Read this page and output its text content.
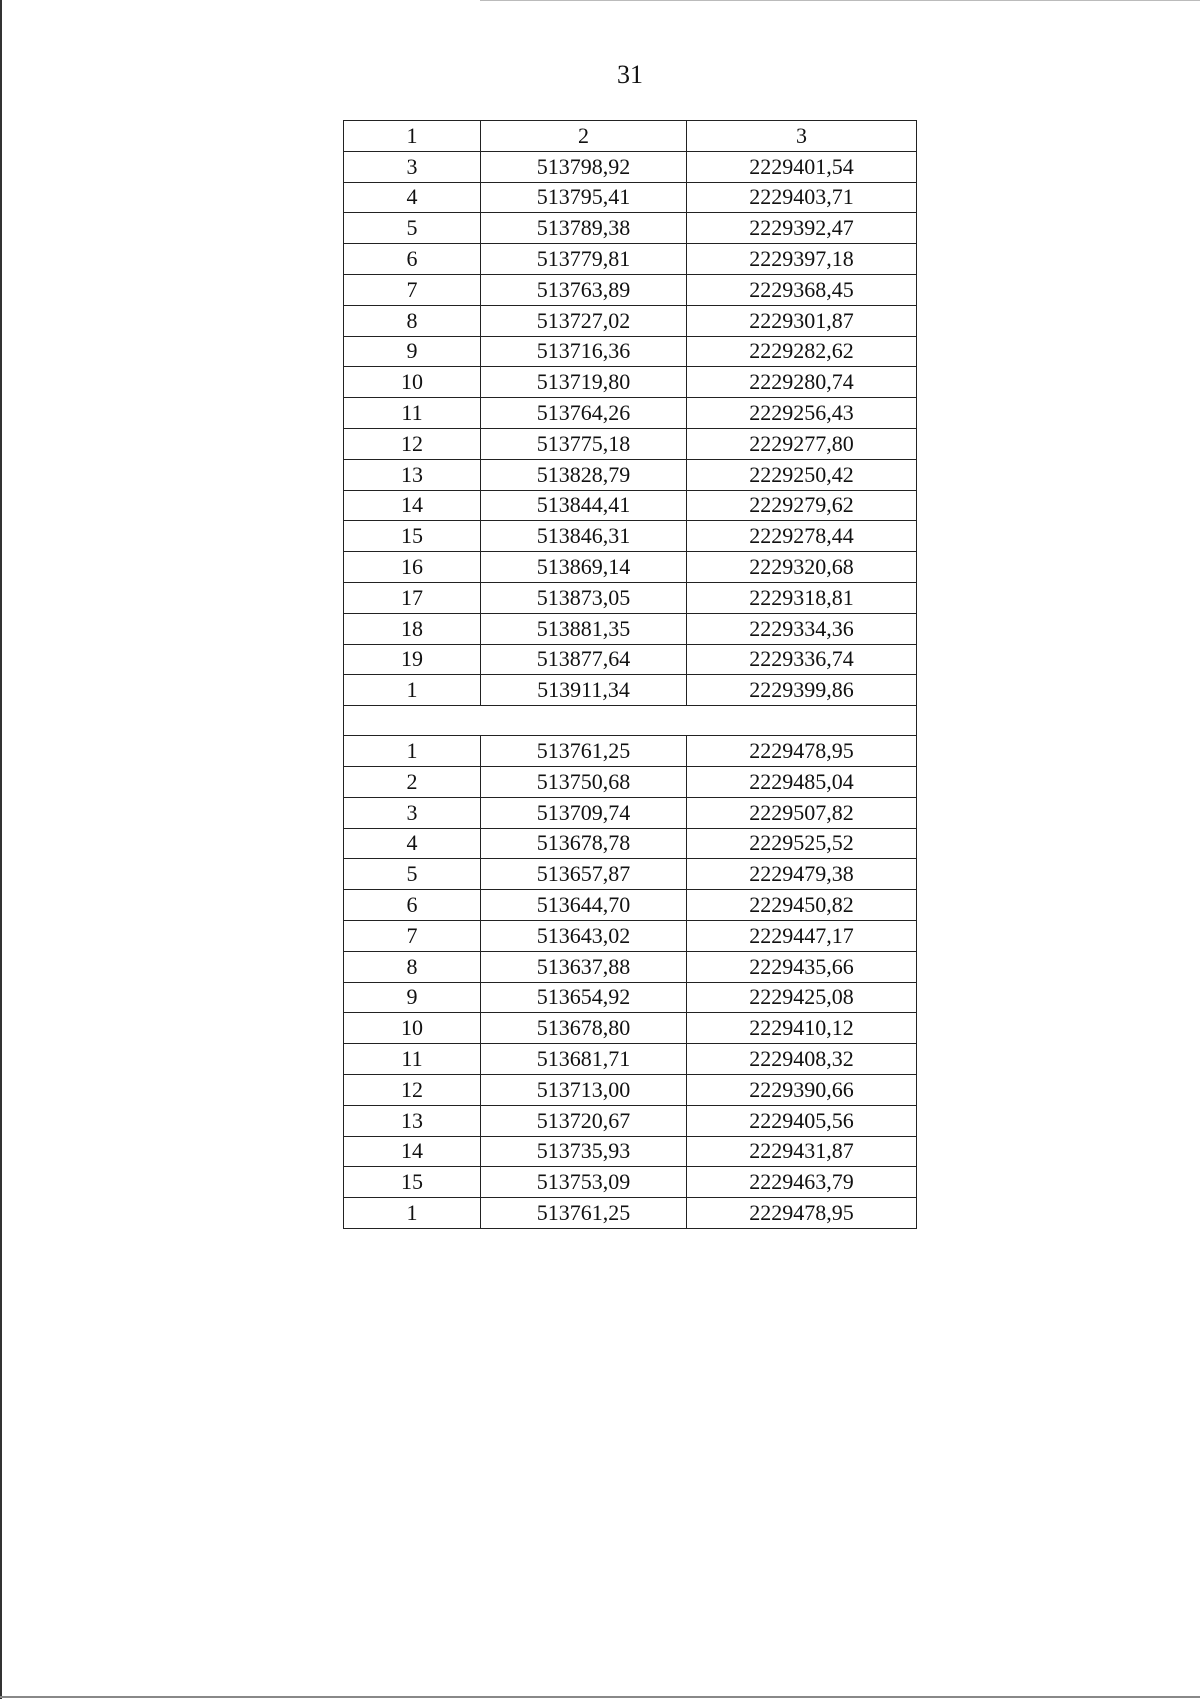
31
1	2	3
3	513798,92	2229401,54
4	513795,41	2229403,71
5	513789,38	2229392,47
6	513779,81	2229397,18
7	513763,89	2229368,45
8	513727,02	2229301,87
9	513716,36	2229282,62
10	513719,80	2229280,74
11	513764,26	2229256,43
12	513775,18	2229277,80
13	513828,79	2229250,42
14	513844,41	2229279,62
15	513846,31	2229278,44
16	513869,14	2229320,68
17	513873,05	2229318,81
18	513881,35	2229334,36
19	513877,64	2229336,74
1	513911,34	2229399,86

1	513761,25	2229478,95
2	513750,68	2229485,04
3	513709,74	2229507,82
4	513678,78	2229525,52
5	513657,87	2229479,38
6	513644,70	2229450,82
7	513643,02	2229447,17
8	513637,88	2229435,66
9	513654,92	2229425,08
10	513678,80	2229410,12
11	513681,71	2229408,32
12	513713,00	2229390,66
13	513720,67	2229405,56
14	513735,93	2229431,87
15	513753,09	2229463,79
1	513761,25	2229478,95
